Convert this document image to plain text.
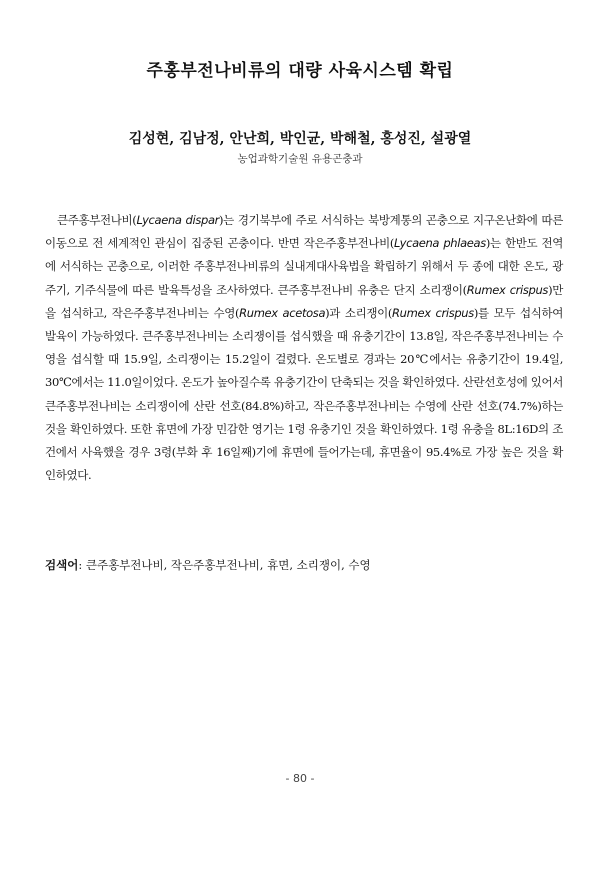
주홍부전나비류의 대량 사육시스템 확립
김성현, 김남정, 안난희, 박인균, 박해철, 홍성진, 설광열
농업과학기술원 유용곤충과

큰주홍부전나비(Lycaena dispar)는 경기북부에 주로 서식하는 북방계통의 곤충으로 지구온난화에 따른 이동으로 전 세계적인 관심이 집중된 곤충이다. 반면 작은주홍부전나비(Lycaena phlaeas)는 한반도 전역에 서식하는 곤충으로, 이러한 주홍부전나비류의 실내계대사육법을 확립하기 위해서 두 종에 대한 온도, 광주기, 기주식물에 따른 발육특성을 조사하였다. 큰주홍부전나비 유충은 단지 소리쟁이(Rumex crispus)만을 섭식하고, 작은주홍부전나비는 수영(Rumex acetosa)과 소리쟁이(Rumex crispus)를 모두 섭식하여 발육이 가능하였다. 큰주홍부전나비는 소리쟁이를 섭식했을 때 유충기간이 13.8일, 작은주홍부전나비는 수영을 섭식할 때 15.9일, 소리쟁이는 15.2일이 걸렸다. 온도별로 경과는 20℃에서는 유충기간이 19.4일, 30℃에서는 11.0일이었다. 온도가 높아질수록 유충기간이 단축되는 것을 확인하였다. 산란선호성에 있어서 큰주홍부전나비는 소리쟁이에 산란 선호(84.8%)하고, 작은주홍부전나비는 수영에 산란 선호(74.7%)하는 것을 확인하였다. 또한 휴면에 가장 민감한 영기는 1령 유충기인 것을 확인하였다. 1령 유충을 8L:16D의 조건에서 사육했을 경우 3령(부화 후 16일째)기에 휴면에 들어가는데, 휴면율이 95.4%로 가장 높은 것을 확인하였다.

검색어: 큰주홍부전나비, 작은주홍부전나비, 휴면, 소리쟁이, 수영
- 80 -
